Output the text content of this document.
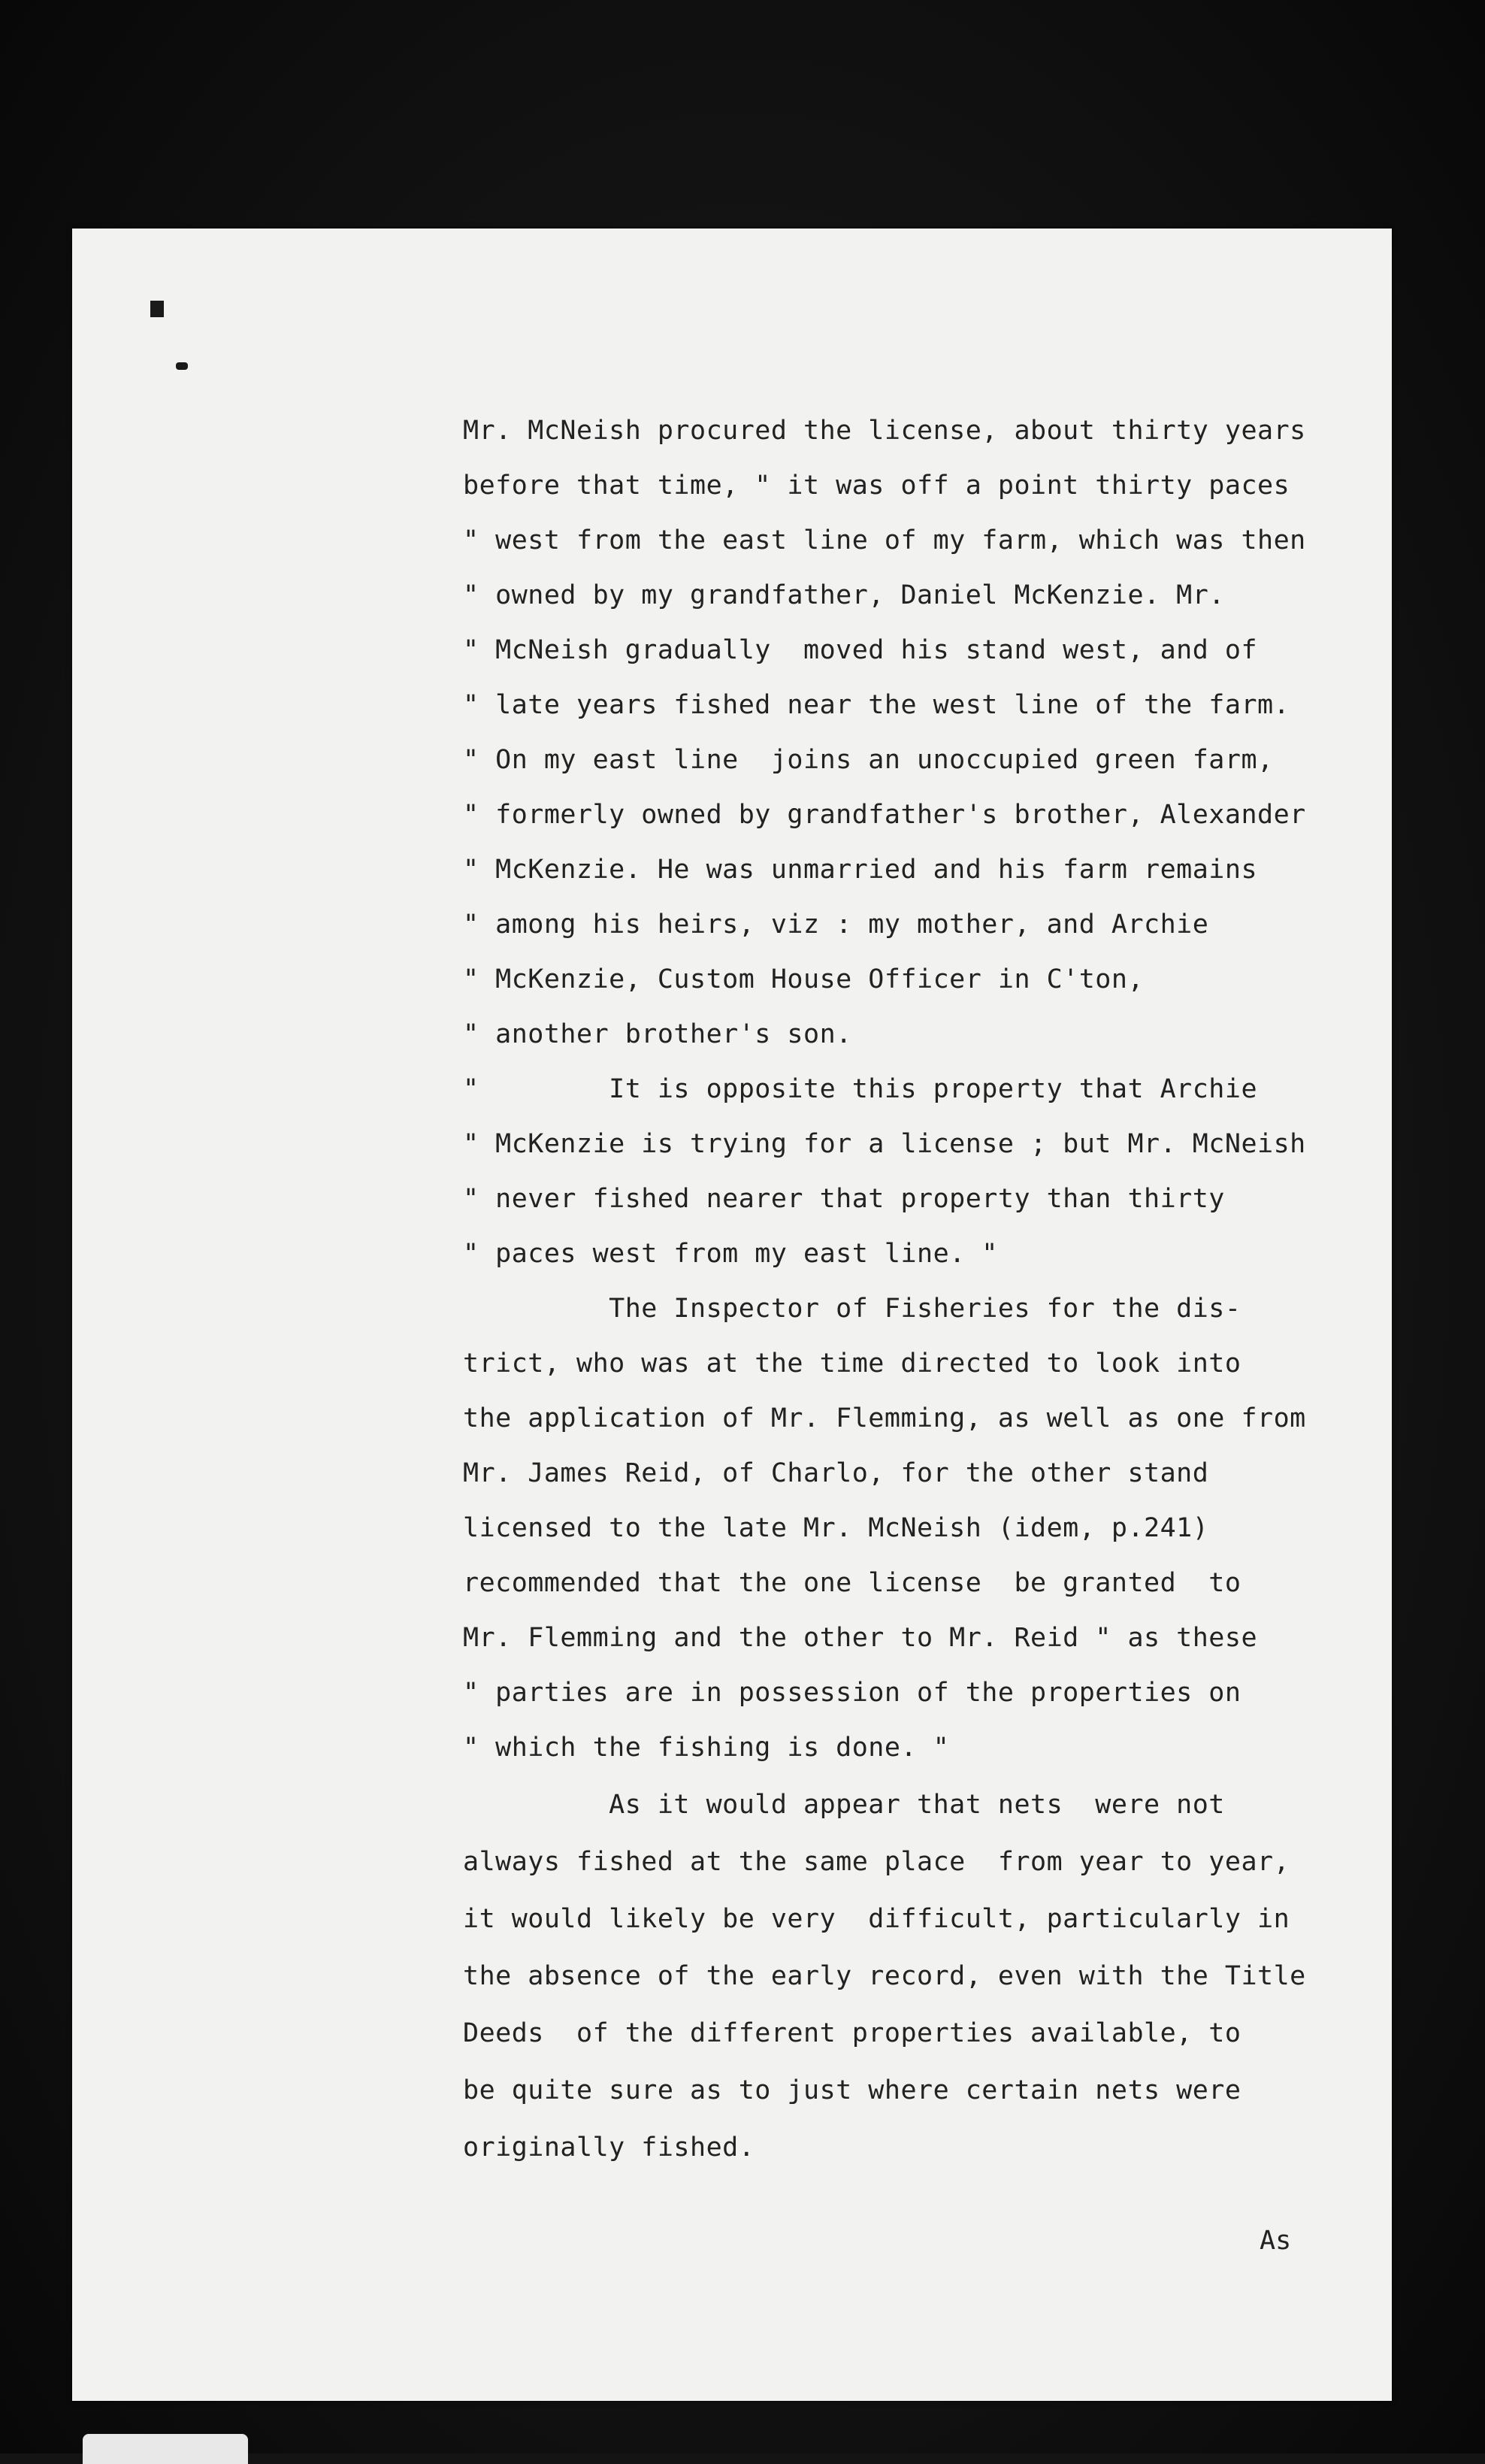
Mr. McNeish procured the license, about thirty years
before that time, " it was off a point thirty paces
" west from the east line of my farm, which was then
" owned by my grandfather, Daniel McKenzie. Mr.
" McNeish gradually  moved his stand west, and of
" late years fished near the west line of the farm.
" On my east line  joins an unoccupied green farm,
" formerly owned by grandfather's brother, Alexander
" McKenzie. He was unmarried and his farm remains
" among his heirs, viz : my mother, and Archie
" McKenzie, Custom House Officer in C'ton,
" another brother's son.
"        It is opposite this property that Archie
" McKenzie is trying for a license ; but Mr. McNeish
" never fished nearer that property than thirty
" paces west from my east line. "
The Inspector of Fisheries for the dis-
trict, who was at the time directed to look into
the application of Mr. Flemming, as well as one from
Mr. James Reid, of Charlo, for the other stand
licensed to the late Mr. McNeish (idem, p.241)
recommended that the one license  be granted  to
Mr. Flemming and the other to Mr. Reid " as these
" parties are in possession of the properties on
" which the fishing is done. "
As it would appear that nets  were not
always fished at the same place  from year to year,
it would likely be very  difficult, particularly in
the absence of the early record, even with the Title
Deeds  of the different properties available, to
be quite sure as to just where certain nets were
originally fished.
As
